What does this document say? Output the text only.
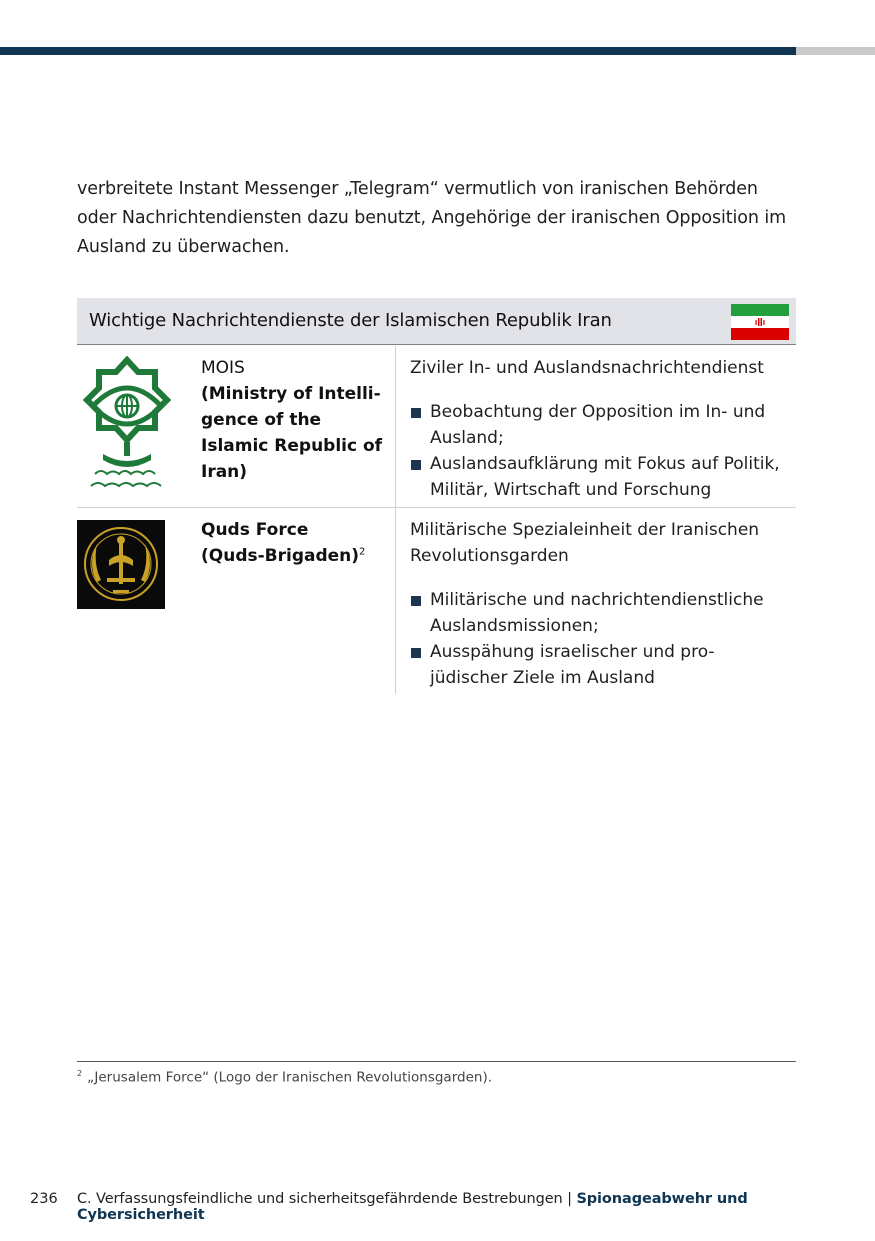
verbreitete Instant Messenger „Telegram“ vermutlich von iranischen Behörden oder Nachrichtendiensten dazu benutzt, Angehörige der iranischen Opposition im Ausland zu überwachen.

Wichtige Nachrichtendienste der Islamischen Republik Iran
MOIS
(Ministry of Intelli-gence of the Islamic Republic of Iran)

Ziviler In- und Auslandsnachrichtendienst

Beobachtung der Opposition im In- und Ausland;
Auslandsaufklärung mit Fokus auf Politik, Militär, Wirtschaft und Forschung
Quds Force
(Quds-Brigaden)$^2$

Militärische Spezialeinheit der Iranischen Revolutionsgarden

Militärische und nachrichtendienstliche Auslandsmissionen;
Ausspähung israelischer und pro-jüdischer Ziele im Ausland
$^2$ „Jerusalem Force“ (Logo der Iranischen Revolutionsgarden).
236 C. Verfassungsfeindliche und sicherheitsgefährdende Bestrebungen | Spionageabwehr und Cybersicherheit
